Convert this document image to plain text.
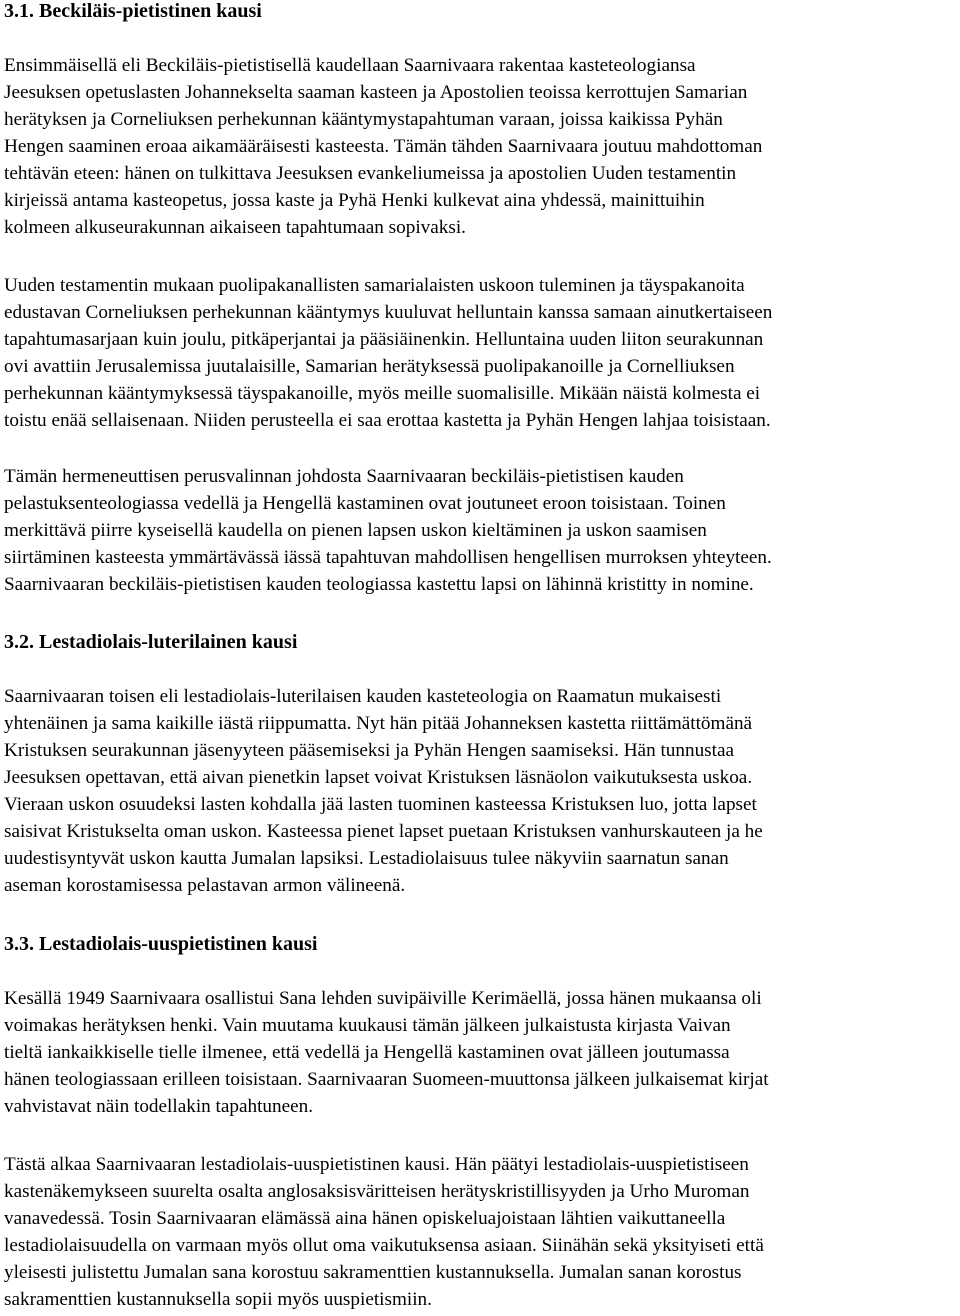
3.1. Beckiläis-pietistinen kausi

Ensimmäisellä eli Beckiläis-pietistisellä kaudellaan Saarnivaara rakentaa kasteteologiansa
Jeesuksen opetuslasten Johannekselta saaman kasteen ja Apostolien teoissa kerrottujen Samarian
herätyksen ja Corneliuksen perhekunnan kääntymystapahtuman varaan, joissa kaikissa Pyhän
Hengen saaminen eroaa aikamääräisesti kasteesta. Tämän tähden Saarnivaara joutuu mahdottoman
tehtävän eteen: hänen on tulkittava Jeesuksen evankeliumeissa ja apostolien Uuden testamentin
kirjeissä antama kasteopetus, jossa kaste ja Pyhä Henki kulkevat aina yhdessä, mainittuihin
kolmeen alkuseurakunnan aikaiseen tapahtumaan sopivaksi.

Uuden testamentin mukaan puolipakanallisten samarialaisten uskoon tuleminen ja täyspakanoita
edustavan Corneliuksen perhekunnan kääntymys kuuluvat helluntain kanssa samaan ainutkertaiseen
tapahtumasarjaan kuin joulu, pitkäperjantai ja pääsiäinenkin. Helluntaina uuden liiton seurakunnan
ovi avattiin Jerusalemissa juutalaisille, Samarian herätyksessä puolipakanoille ja Cornelliuksen
perhekunnan kääntymyksessä täyspakanoille, myös meille suomalisille. Mikään näistä kolmesta ei
toistu enää sellaisenaan. Niiden perusteella ei saa erottaa kastetta ja Pyhän Hengen lahjaa toisistaan.

Tämän hermeneuttisen perusvalinnan johdosta Saarnivaaran beckiläis-pietistisen kauden
pelastuksenteologiassa vedellä ja Hengellä kastaminen ovat joutuneet eroon toisistaan. Toinen
merkittävä piirre kyseisellä kaudella on pienen lapsen uskon kieltäminen ja uskon saamisen
siirtäminen kasteesta ymmärtävässä iässä tapahtuvan mahdollisen hengellisen murroksen yhteyteen.
Saarnivaaran beckiläis-pietistisen kauden teologiassa kastettu lapsi on lähinnä kristitty in nomine.

3.2. Lestadiolais-luterilainen kausi

Saarnivaaran toisen eli lestadiolais-luterilaisen kauden kasteteologia on Raamatun mukaisesti
yhtenäinen ja sama kaikille iästä riippumatta. Nyt hän pitää Johanneksen kastetta riittämättömänä
Kristuksen seurakunnan jäsenyyteen pääsemiseksi ja Pyhän Hengen saamiseksi. Hän tunnustaa
Jeesuksen opettavan, että aivan pienetkin lapset voivat Kristuksen läsnäolon vaikutuksesta uskoa.
Vieraan uskon osuudeksi lasten kohdalla jää lasten tuominen kasteessa Kristuksen luo, jotta lapset
saisivat Kristukselta oman uskon. Kasteessa pienet lapset puetaan Kristuksen vanhurskauteen ja he
uudestisyntyvät uskon kautta Jumalan lapsiksi. Lestadiolaisuus tulee näkyviin saarnatun sanan
aseman korostamisessa pelastavan armon välineenä.

3.3. Lestadiolais-uuspietistinen kausi

Kesällä 1949 Saarnivaara osallistui Sana lehden suvipäiville Kerimäellä, jossa hänen mukaansa oli
voimakas herätyksen henki. Vain muutama kuukausi tämän jälkeen julkaistusta kirjasta Vaivan
tieltä iankaikkiselle tielle ilmenee, että vedellä ja Hengellä kastaminen ovat jälleen joutumassa
hänen teologiassaan erilleen toisistaan. Saarnivaaran Suomeen-muuttonsa jälkeen julkaisemat kirjat
vahvistavat näin todellakin tapahtuneen.

Tästä alkaa Saarnivaaran lestadiolais-uuspietistinen kausi. Hän päätyi lestadiolais-uuspietistiseen
kastenäkemykseen suurelta osalta anglosaksisväritteisen herätyskristillisyyden ja Urho Muroman
vanavedessä. Tosin Saarnivaaran elämässä aina hänen opiskeluajoistaan lähtien vaikuttaneella
lestadiolaisuudella on varmaan myös ollut oma vaikutuksensa asiaan. Siinähän sekä yksityiseti että
yleisesti julistettu Jumalan sana korostuu sakramenttien kustannuksella. Jumalan sanan korostus
sakramenttien kustannuksella sopii myös uuspietismiin.
